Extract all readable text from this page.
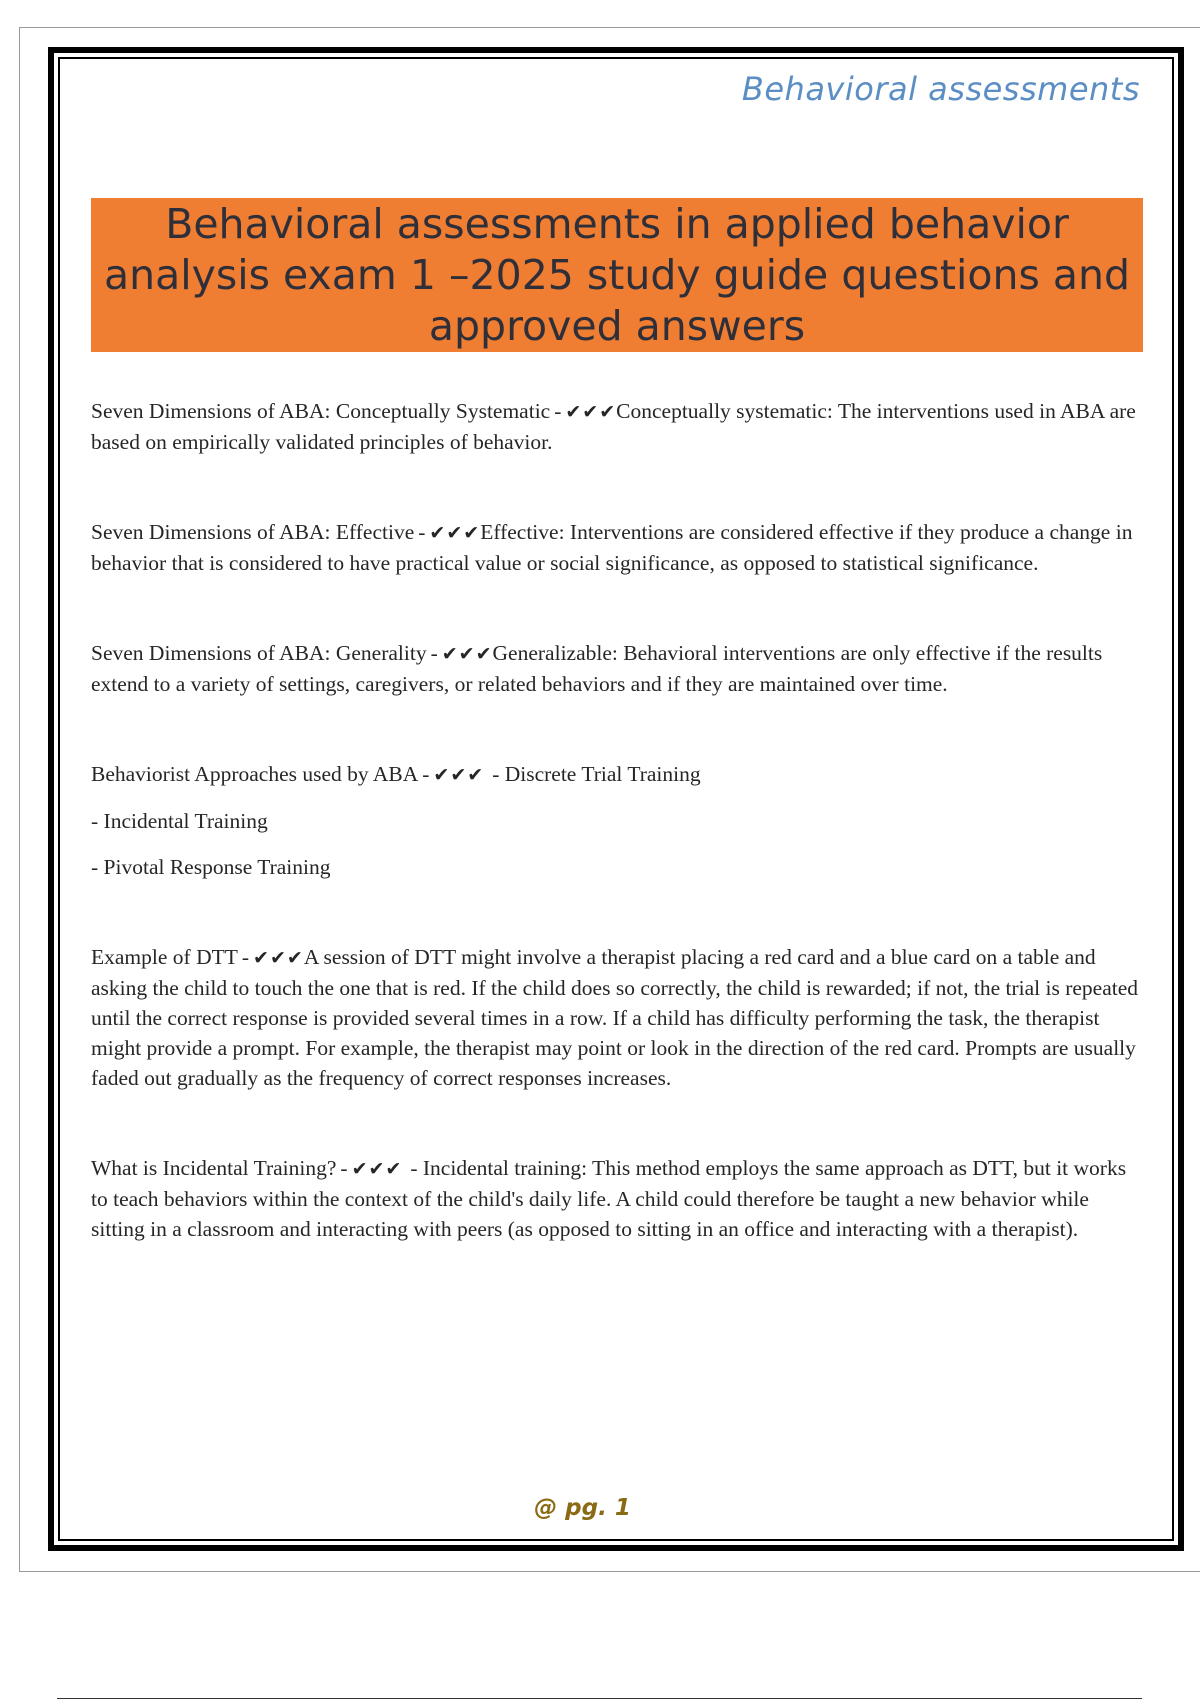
Behavioral assessments
Behavioral assessments in applied behavior analysis exam 1 –2025 study guide questions and approved answers

Seven Dimensions of ABA: Conceptually Systematic - ✔✔✔Conceptually systematic: The interventions used in ABA are based on empirically validated principles of behavior.

Seven Dimensions of ABA: Effective - ✔✔✔Effective: Interventions are considered effective if they produce a change in behavior that is considered to have practical value or social significance, as opposed to statistical significance.

Seven Dimensions of ABA: Generality - ✔✔✔Generalizable: Behavioral interventions are only effective if the results extend to a variety of settings, caregivers, or related behaviors and if they are maintained over time.

Behaviorist Approaches used by ABA - ✔✔✔ - Discrete Trial Training

- Incidental Training

- Pivotal Response Training

Example of DTT - ✔✔✔A session of DTT might involve a therapist placing a red card and a blue card on a table and asking the child to touch the one that is red. If the child does so correctly, the child is rewarded; if not, the trial is repeated until the correct response is provided several times in a row. If a child has difficulty performing the task, the therapist might provide a prompt. For example, the therapist may point or look in the direction of the red card. Prompts are usually faded out gradually as the frequency of correct responses increases.

What is Incidental Training? - ✔✔✔ - Incidental training: This method employs the same approach as DTT, but it works to teach behaviors within the context of the child's daily life. A child could therefore be taught a new behavior while sitting in a classroom and interacting with peers (as opposed to sitting in an office and interacting with a therapist).

@ pg. 1
